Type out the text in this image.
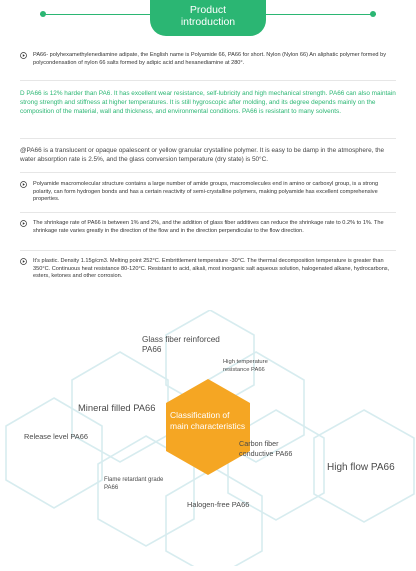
Product
introduction
PA66- polyhexamethylenediamine adipate, the English name is Polyamide 66, PA66 for short. Nylon (Nylon 66) An aliphatic polymer formed by polycondensation of nylon 66 salts formed by adipic acid and hexanediamine at 280°.
D PA66 is 12% harder than PA6. It has excellent wear resistance, self-lubricity and high mechanical strength. PA66 can also maintain strong strength and stiffness at higher temperatures. It is still hygroscopic after molding, and its degree depends mainly on the composition of the material, wall and thickness, and environmental conditions. PA66 is resistant to many solvents.
@PA66 is a translucent or opaque opalescent or yellow granular crystalline polymer. It is easy to be damp in the atmosphere, the water absorption rate is 2.5%, and the glass conversion temperature (dry state) is 50°C.
Polyamide macromolecular structure contains a large number of amide groups, macromolecules end in amino or carboxyl group, is a strong polarity, can form hydrogen bonds and has a certain reactivity of semi-crystalline polymers, making polyamide has excellent comprehensive properties.
The shrinkage rate of PA66 is between 1% and 2%, and the addition of glass fiber additives can reduce the shrinkage rate to 0.2% to 1%. The shrinkage rate varies greatly in the direction of the flow and in the direction perpendicular to the flow direction.
It's plastic. Density 1.15g/cm3. Melting point 252°C. Embrittlement temperature -30°C. The thermal decomposition temperature is greater than 350°C. Continuous heat resistance 80-120°C. Resistant to acid, alkali, most inorganic salt aqueous solution, halogenated alkane, hydrocarbons, esters, ketones and other corrosion.
Glass fiber reinforced PA66
High temperature resistance PA66
Mineral filled PA66
Classification of main characteristics
Carbon fiber conductive PA66
Release level PA66
High flow PA66
Flame retardant grade PA66
Halogen-free PA66
